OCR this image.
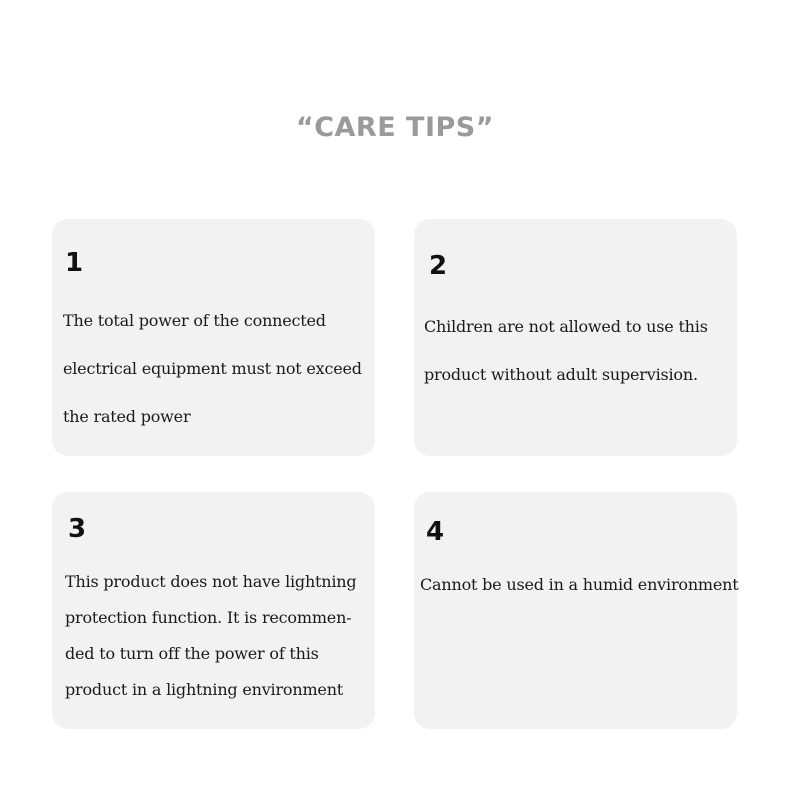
“CARE TIPS”
1
The total power of the connected
electrical equipment must not exceed
the rated power
2
Children are not allowed to use this
product without adult supervision.
3
This product does not have lightning
protection function. It is recommen-
ded to turn off the power of this
product in a lightning environment
4
Cannot be used in a humid environment
